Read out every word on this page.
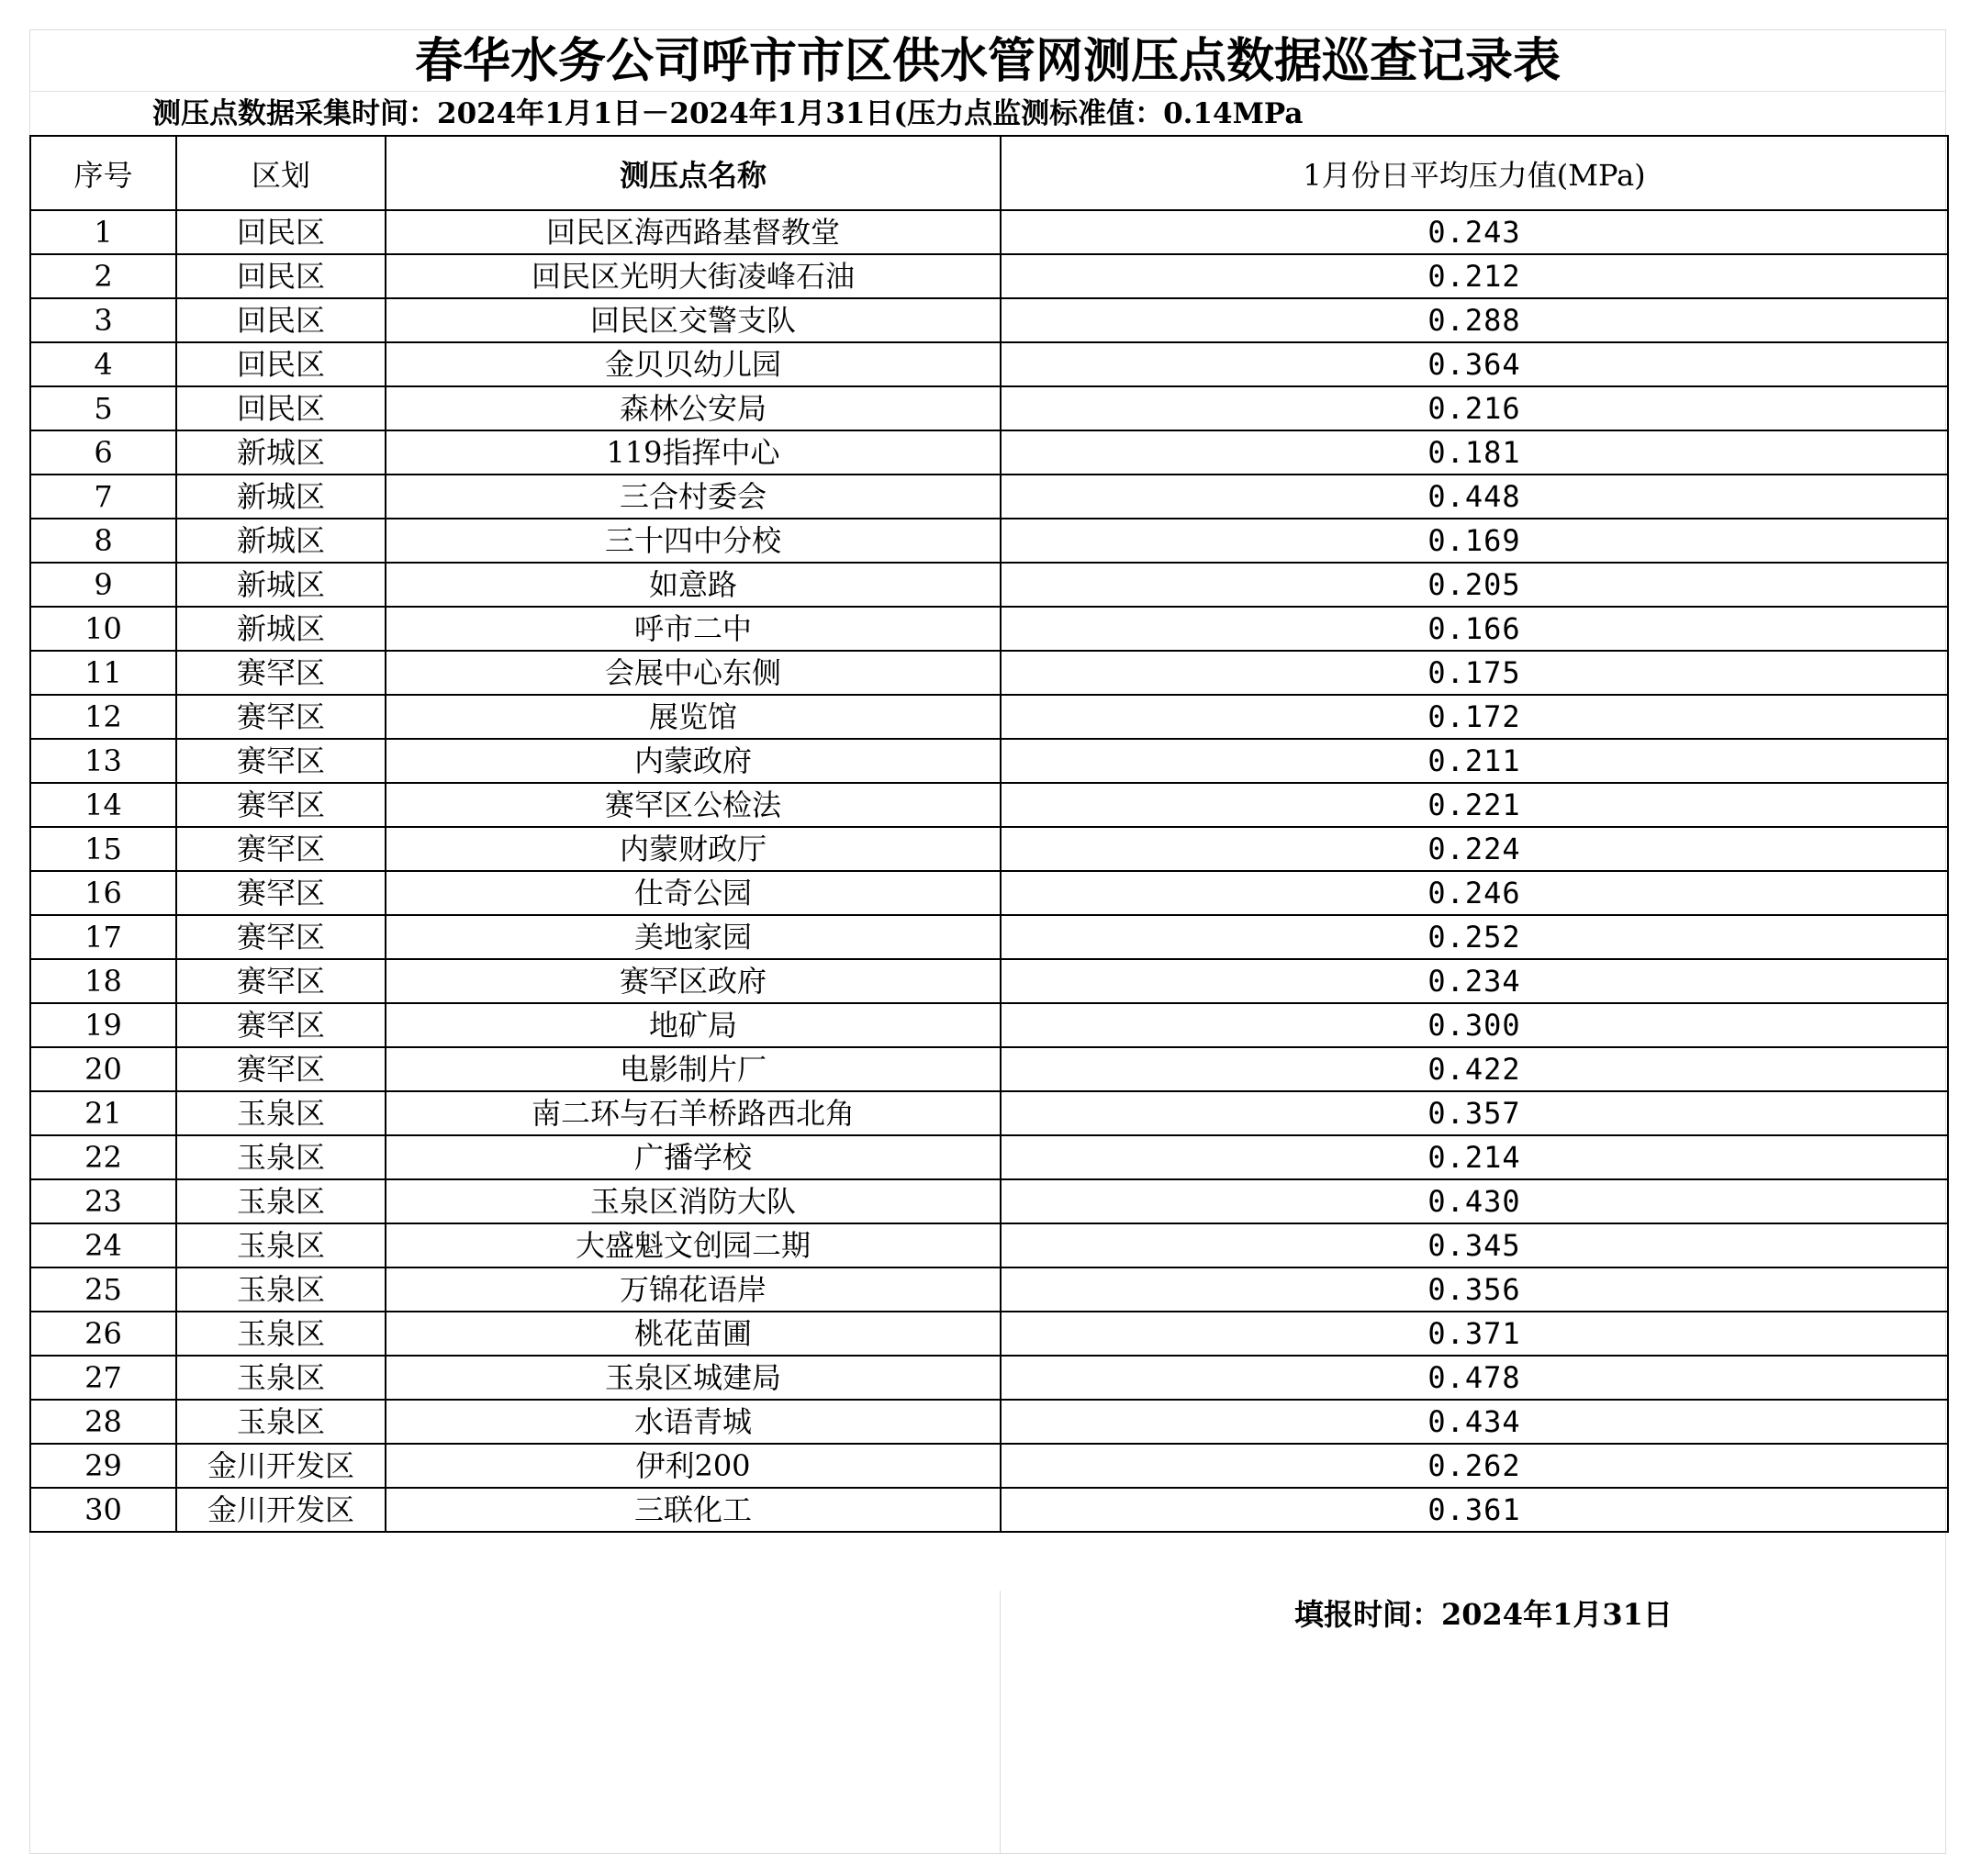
春华水务公司呼市市区供水管网测压点数据巡查记录表
测压点数据采集时间：2024年1月1日－2024年1月31日(压力点监测标准值：0.14MPa
序号	区划	测压点名称	1月份日平均压力值(MPa)
1	回民区	回民区海西路基督教堂	0.243
2	回民区	回民区光明大街凌峰石油	0.212
3	回民区	回民区交警支队	0.288
4	回民区	金贝贝幼儿园	0.364
5	回民区	森林公安局	0.216
6	新城区	119指挥中心	0.181
7	新城区	三合村委会	0.448
8	新城区	三十四中分校	0.169
9	新城区	如意路	0.205
10	新城区	呼市二中	0.166
11	赛罕区	会展中心东侧	0.175
12	赛罕区	展览馆	0.172
13	赛罕区	内蒙政府	0.211
14	赛罕区	赛罕区公检法	0.221
15	赛罕区	内蒙财政厅	0.224
16	赛罕区	仕奇公园	0.246
17	赛罕区	美地家园	0.252
18	赛罕区	赛罕区政府	0.234
19	赛罕区	地矿局	0.300
20	赛罕区	电影制片厂	0.422
21	玉泉区	南二环与石羊桥路西北角	0.357
22	玉泉区	广播学校	0.214
23	玉泉区	玉泉区消防大队	0.430
24	玉泉区	大盛魁文创园二期	0.345
25	玉泉区	万锦花语岸	0.356
26	玉泉区	桃花苗圃	0.371
27	玉泉区	玉泉区城建局	0.478
28	玉泉区	水语青城	0.434
29	金川开发区	伊利200	0.262
30	金川开发区	三联化工	0.361
填报时间：2024年1月31日
